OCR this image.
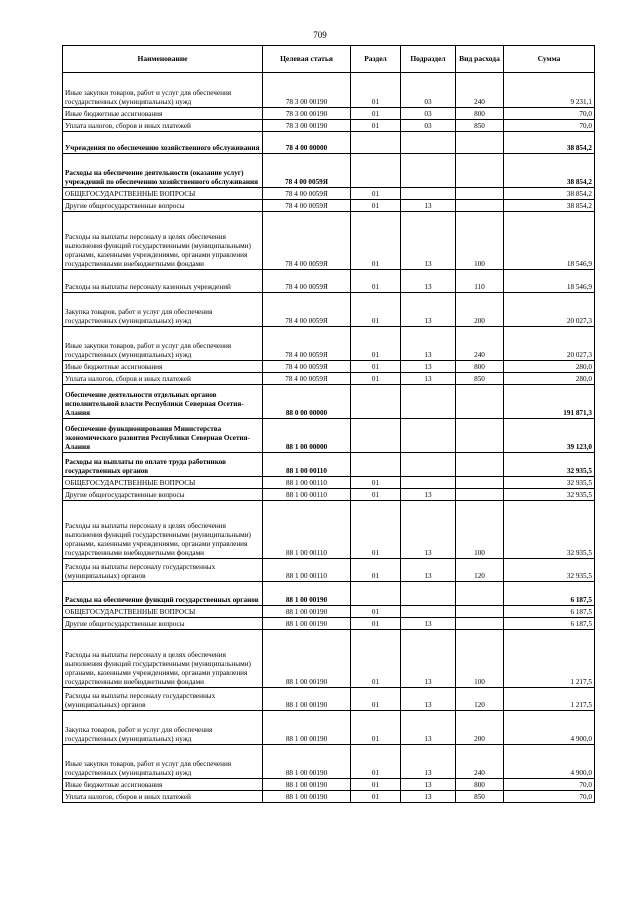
709
Наименование	Целевая статья	Раздел	Подраздел	Вид расхода	Сумма
Иные закупки товаров, работ и услуг для обеспечения государственных (муниципальных) нужд	78 3 00 00190	01	03	240	9 231,1
Иные бюджетные ассигнования	78 3 00 00190	01	03	800	70,0
Уплата налогов, сборов и иных платежей	78 3 00 00190	01	03	850	70,0
Учреждения по обеспечению хозяйственного обслуживания	78 4 00 00000				38 854,2
Расходы на обеспечение деятельности (оказание услуг) учреждений по обеспечению хозяйственного обслуживания	78 4 00 0059Я				38 854,2
ОБЩЕГОСУДАРСТВЕННЫЕ ВОПРОСЫ	78 4 00 0059Я	01			38 854,2
Другие общегосударственные вопросы	78 4 00 0059Я	01	13		38 854,2
Расходы на выплаты персоналу в целях обеспечения выполнения функций государственными (муниципальными) органами, казенными учреждениями, органами управления государственными внебюджетными фондами	78 4 00 0059Я	01	13	100	18 546,9
Расходы на выплаты персоналу казенных учреждений	78 4 00 0059Я	01	13	110	18 546,9
Закупка товаров, работ и услуг для обеспечения государственных (муниципальных) нужд	78 4 00 0059Я	01	13	200	20 027,3
Иные закупки товаров, работ и услуг для обеспечения государственных (муниципальных) нужд	78 4 00 0059Я	01	13	240	20 027,3
Иные бюджетные ассигнования	78 4 00 0059Я	01	13	800	280,0
Уплата налогов, сборов и иных платежей	78 4 00 0059Я	01	13	850	280,0
Обеспечение деятельности отдельных органов исполнительной власти Республики Северная Осетия-Алания	88 0 00 00000				191 871,3
Обеспечение функционирования Министерства экономического развития Республики Северная Осетия-Алания	88 1 00 00000				39 123,0
Расходы на выплаты по оплате труда работников государственных органов	88 1 00 00110				32 935,5
ОБЩЕГОСУДАРСТВЕННЫЕ ВОПРОСЫ	88 1 00 00110	01			32 935,5
Другие общегосударственные вопросы	88 1 00 00110	01	13		32 935,5
Расходы на выплаты персоналу в целях обеспечения выполнения функций государственными (муниципальными) органами, казенными учреждениями, органами управления государственными внебюджетными фондами	88 1 00 00110	01	13	100	32 935,5
Расходы на выплаты персоналу государственных (муниципальных) органов	88 1 00 00110	01	13	120	32 935,5
Расходы на обеспечение функций государственных органов	88 1 00 00190				6 187,5
ОБЩЕГОСУДАРСТВЕННЫЕ ВОПРОСЫ	88 1 00 00190	01			6 187,5
Другие общегосударственные вопросы	88 1 00 00190	01	13		6 187,5
Расходы на выплаты персоналу в целях обеспечения выполнения функций государственными (муниципальными) органами, казенными учреждениями, органами управления государственными внебюджетными фондами	88 1 00 00190	01	13	100	1 217,5
Расходы на выплаты персоналу государственных (муниципальных) органов	88 1 00 00190	01	13	120	1 217,5
Закупка товаров, работ и услуг для обеспечения государственных (муниципальных) нужд	88 1 00 00190	01	13	200	4 900,0
Иные закупки товаров, работ и услуг для обеспечения государственных (муниципальных) нужд	88 1 00 00190	01	13	240	4 900,0
Иные бюджетные ассигнования	88 1 00 00190	01	13	800	70,0
Уплата налогов, сборов и иных платежей	88 1 00 00190	01	13	850	70,0
